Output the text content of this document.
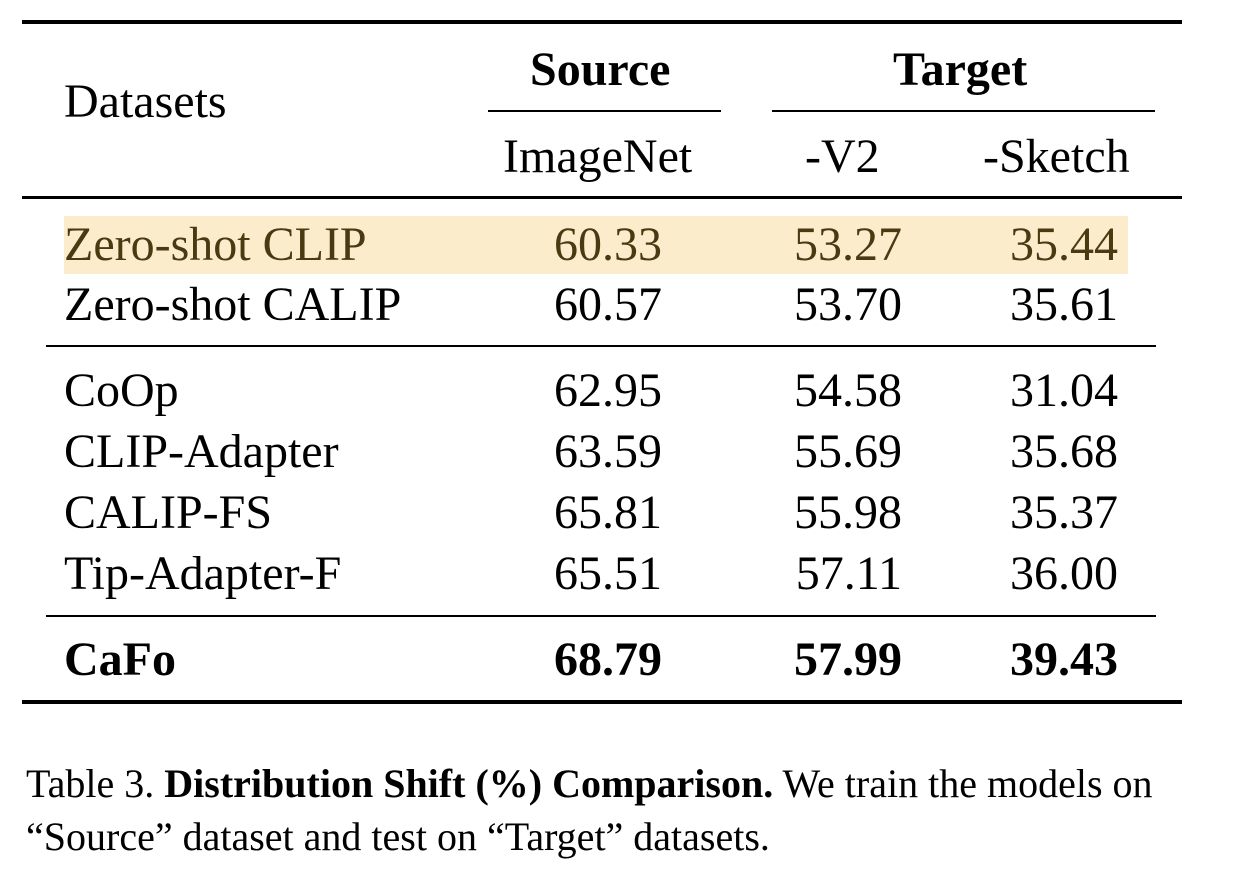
Datasets
Source	Target
ImageNet -V2 -Sketch
Zero-shot CLIP	60.33	53.27	35.44
Zero-shot CALIP	60.57	53.70	35.61
CoOp	62.95	54.58	31.04
CLIP-Adapter	63.59	55.69	35.68
CALIP-FS	65.81	55.98	35.37
Tip-Adapter-F	65.51	57.11	36.00
CaFo	68.79	57.99	39.43
Table 3. Distribution Shift (%) Comparison. We train the models on “Source” dataset and test on “Target” datasets.
